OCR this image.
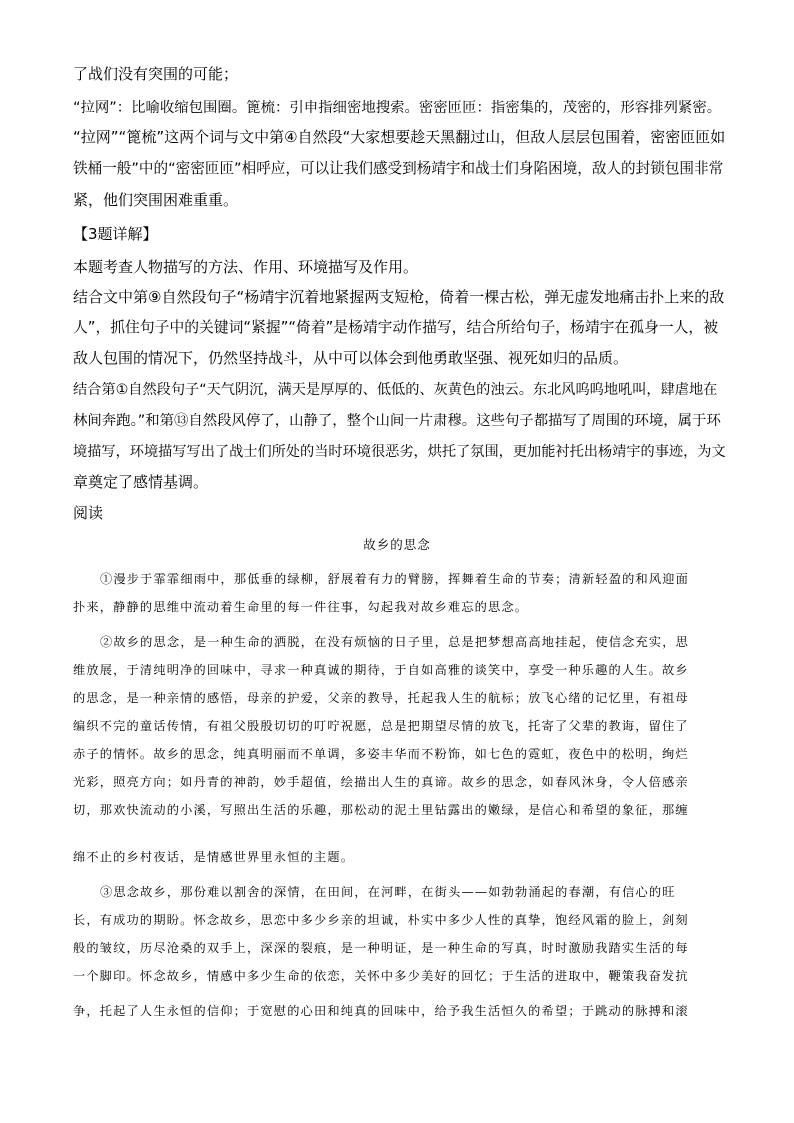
了战们没有突围的可能；
“拉网”：比喻收缩包围圈。篦梳：引申指细密地搜索。密密匝匝：指密集的，茂密的，形容排列紧密。
“拉网”“篦梳”这两个词与文中第④自然段“大家想要趁天黑翻过山，但敌人层层包围着，密密匝匝如
铁桶一般”中的“密密匝匝”相呼应，可以让我们感受到杨靖宇和战士们身陷困境，敌人的封锁包围非常
紧，他们突围困难重重。
【3题详解】
本题考查人物描写的方法、作用、环境描写及作用。
结合文中第⑨自然段句子“杨靖宇沉着地紧握两支短枪，倚着一棵古松，弹无虚发地痛击扑上来的敌
人”，抓住句子中的关键词“紧握”“倚着”是杨靖宇动作描写，结合所给句子，杨靖宇在孤身一人，被
敌人包围的情况下，仍然坚持战斗，从中可以体会到他勇敢坚强、视死如归的品质。
结合第①自然段句子“天气阴沉，满天是厚厚的、低低的、灰黄色的浊云。东北风呜呜地吼叫，肆虐地在
林间奔跑。”和第⑬自然段风停了，山静了，整个山间一片肃穆。这些句子都描写了周围的环境，属于环
境描写，环境描写写出了战士们所处的当时环境很恶劣，烘托了氛围，更加能衬托出杨靖宇的事迹，为文
章奠定了感情基调。
阅读
故乡的思念
①漫步于霏霏细雨中，那低垂的绿柳，舒展着有力的臂膀，挥舞着生命的节奏；清新轻盈的和风迎面
扑来，静静的思维中流动着生命里的每一件往事，勾起我对故乡难忘的思念。
②故乡的思念，是一种生命的洒脱，在没有烦恼的日子里，总是把梦想高高地挂起，使信念充实，思
维放展，于清纯明净的回味中，寻求一种真诚的期待，于自如高雅的谈笑中，享受一种乐趣的人生。故乡
的思念，是一种亲情的感悟，母亲的护爱，父亲的教导，托起我人生的航标；放飞心绪的记忆里，有祖母
编织不完的童话传情，有祖父殷殷切切的叮咛祝愿，总是把期望尽情的放飞，托寄了父辈的教诲，留住了
赤子的情怀。故乡的思念，纯真明丽而不单调，多姿丰华而不粉饰，如七色的霓虹，夜色中的松明，绚烂
光彩，照亮方向；如丹青的神韵，妙手超值，绘描出人生的真谛。故乡的思念，如春风沐身，令人倍感亲
切，那欢快流动的小溪，写照出生活的乐趣，那松动的泥土里钻露出的嫩绿，是信心和希望的象征，那缠
绵不止的乡村夜话，是情感世界里永恒的主题。
③思念故乡，那份难以割舍的深情，在田间，在河畔，在街头——如勃勃涌起的春潮，有信心的旺
长，有成功的期盼。怀念故乡，思恋中多少乡亲的坦诚，朴实中多少人性的真挚，饱经风霜的脸上，剑刻
般的皱纹，历尽沧桑的双手上，深深的裂痕，是一种明证，是一种生命的写真，时时激励我踏实生活的每
一个脚印。怀念故乡，情感中多少生命的依恋，关怀中多少美好的回忆；于生活的进取中，鞭策我奋发抗
争，托起了人生永恒的信仰；于宽慰的心田和纯真的回味中，给予我生活恒久的希望；于跳动的脉搏和滚
